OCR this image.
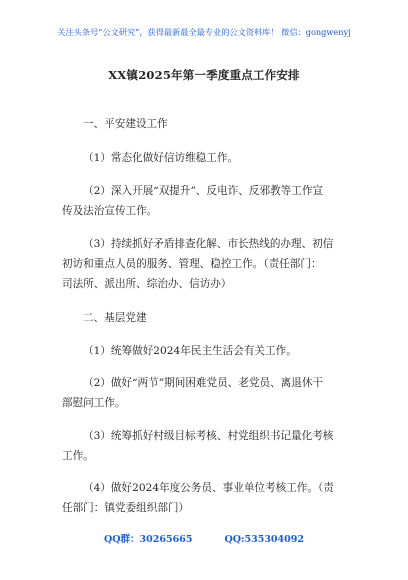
关注头条号“公文研究”，获得最新最全最专业的公文资料库！ 微信：gongwenyj
XX镇2025年第一季度重点工作安排

一、平安建设工作

（1）常态化做好信访维稳工作。

（2）深入开展“双提升”、反电诈、反邪教等工作宣

传及法治宣传工作。

（3）持续抓好矛盾排查化解、市长热线的办理、初信

初访和重点人员的服务、管理、稳控工作。（责任部门：

司法所、派出所、综治办、信访办）

二、基层党建

（1）统筹做好2024年民主生活会有关工作。

（2）做好“两节”期间困难党员、老党员、离退休干

部慰问工作。

（3）统筹抓好村级目标考核、村党组织书记量化考核

工作。

（4）做好2024年度公务员、事业单位考核工作。（责

任部门：镇党委组织部门）

QQ群：30265665	QQ:535304092
